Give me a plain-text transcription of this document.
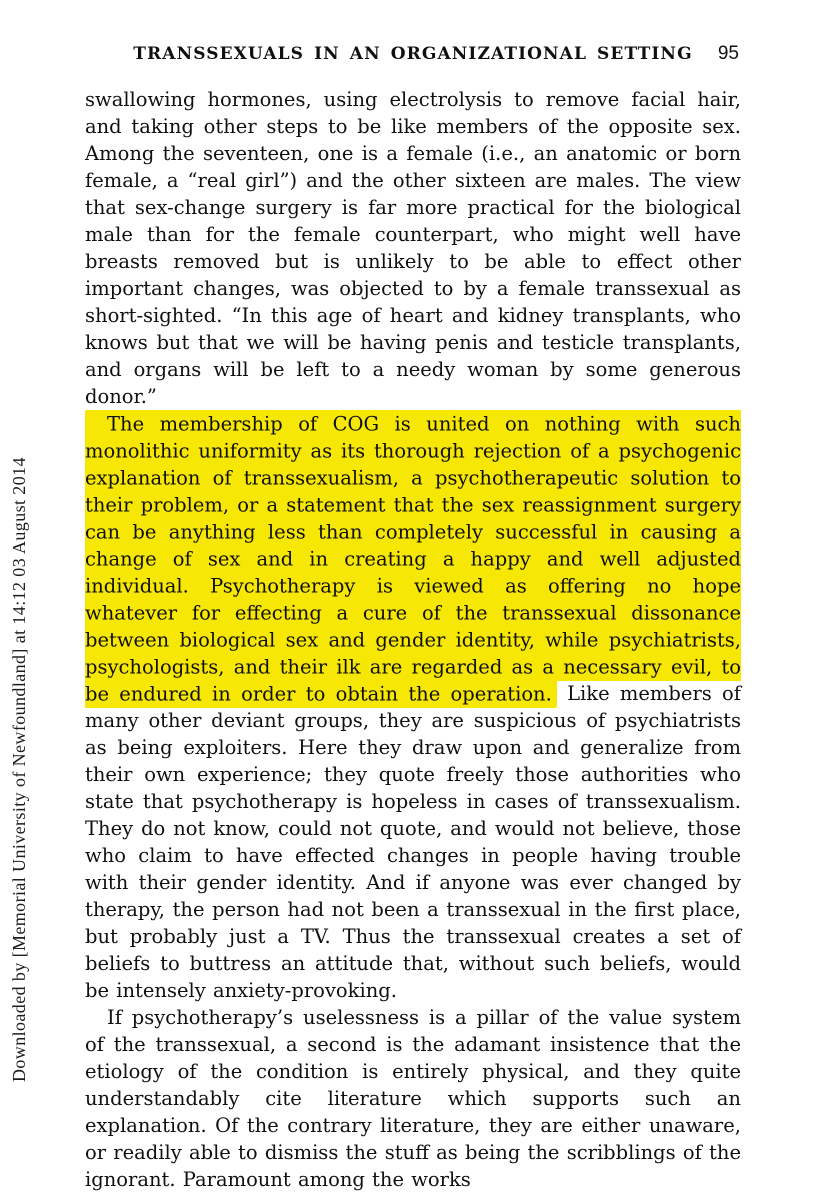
Downloaded by [Memorial University of Newfoundland] at 14:12 03 August 2014
TRANSSEXUALS IN AN ORGANIZATIONAL SETTING	95

swallowing hormones, using electrolysis to remove facial hair, and taking other steps to be like members of the opposite sex. Among the seventeen, one is a female (i.e., an anatomic or born female, a “real girl”) and the other sixteen are males. The view that sex-change surgery is far more practical for the biological male than for the female counterpart, who might well have breasts removed but is unlikely to be able to effect other important changes, was objected to by a female transsexual as short-sighted. “In this age of heart and kidney transplants, who knows but that we will be having penis and testicle transplants, and organs will be left to a needy woman by some generous donor.”

The membership of COG is united on nothing with such monolithic uniformity as its thorough rejection of a psychogenic explanation of transsexualism, a psychotherapeutic solution to their problem, or a statement that the sex reassignment surgery can be anything less than completely successful in causing a change of sex and in creating a happy and well adjusted individual. Psychotherapy is viewed as offering no hope whatever for effecting a cure of the transsexual dissonance between biological sex and gender identity, while psychiatrists, psychologists, and their ilk are regarded as a necessary evil, to be endured in order to obtain the operation. Like members of many other deviant groups, they are suspicious of psychiatrists as being exploiters. Here they draw upon and generalize from their own experience; they quote freely those authorities who state that psychotherapy is hopeless in cases of transsexualism. They do not know, could not quote, and would not believe, those who claim to have effected changes in people having trouble with their gender identity. And if anyone was ever changed by therapy, the person had not been a transsexual in the first place, but probably just a TV. Thus the transsexual creates a set of beliefs to buttress an attitude that, without such beliefs, would be intensely anxiety-provoking.

If psychotherapy’s uselessness is a pillar of the value system of the transsexual, a second is the adamant insistence that the etiology of the condition is entirely physical, and they quite understandably cite literature which supports such an explanation. Of the contrary literature, they are either unaware, or readily able to dismiss the stuff as being the scribblings of the ignorant. Paramount among the works
